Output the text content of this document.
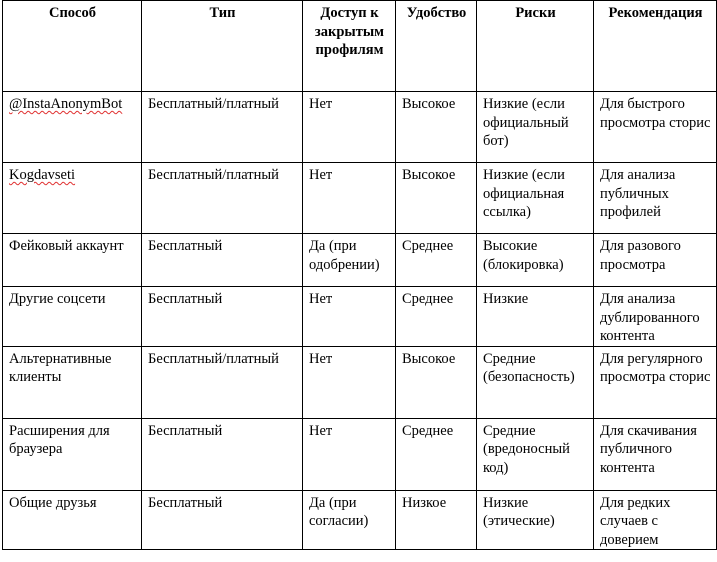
Способ	Тип	Доступ к закрытым профилям	Удобство	Риски	Рекомендация
@InstaAnonymBot	Бесплатный/платный	Нет	Высокое	Низкие (если официальный бот)	Для быстрого просмотра сторис
Kogdavseti	Бесплатный/платный	Нет	Высокое	Низкие (если официальная ссылка)	Для анализа публичных профилей
Фейковый аккаунт	Бесплатный	Да (при одобрении)	Среднее	Высокие (блокировка)	Для разового просмотра
Другие соцсети	Бесплатный	Нет	Среднее	Низкие	Для анализа дублированного контента
Альтернативные клиенты	Бесплатный/платный	Нет	Высокое	Средние (безопасность)	Для регулярного просмотра сторис
Расширения для браузера	Бесплатный	Нет	Среднее	Средние (вредоносный код)	Для скачивания публичного контента
Общие друзья	Бесплатный	Да (при согласии)	Низкое	Низкие (этические)	Для редких случаев с доверием
